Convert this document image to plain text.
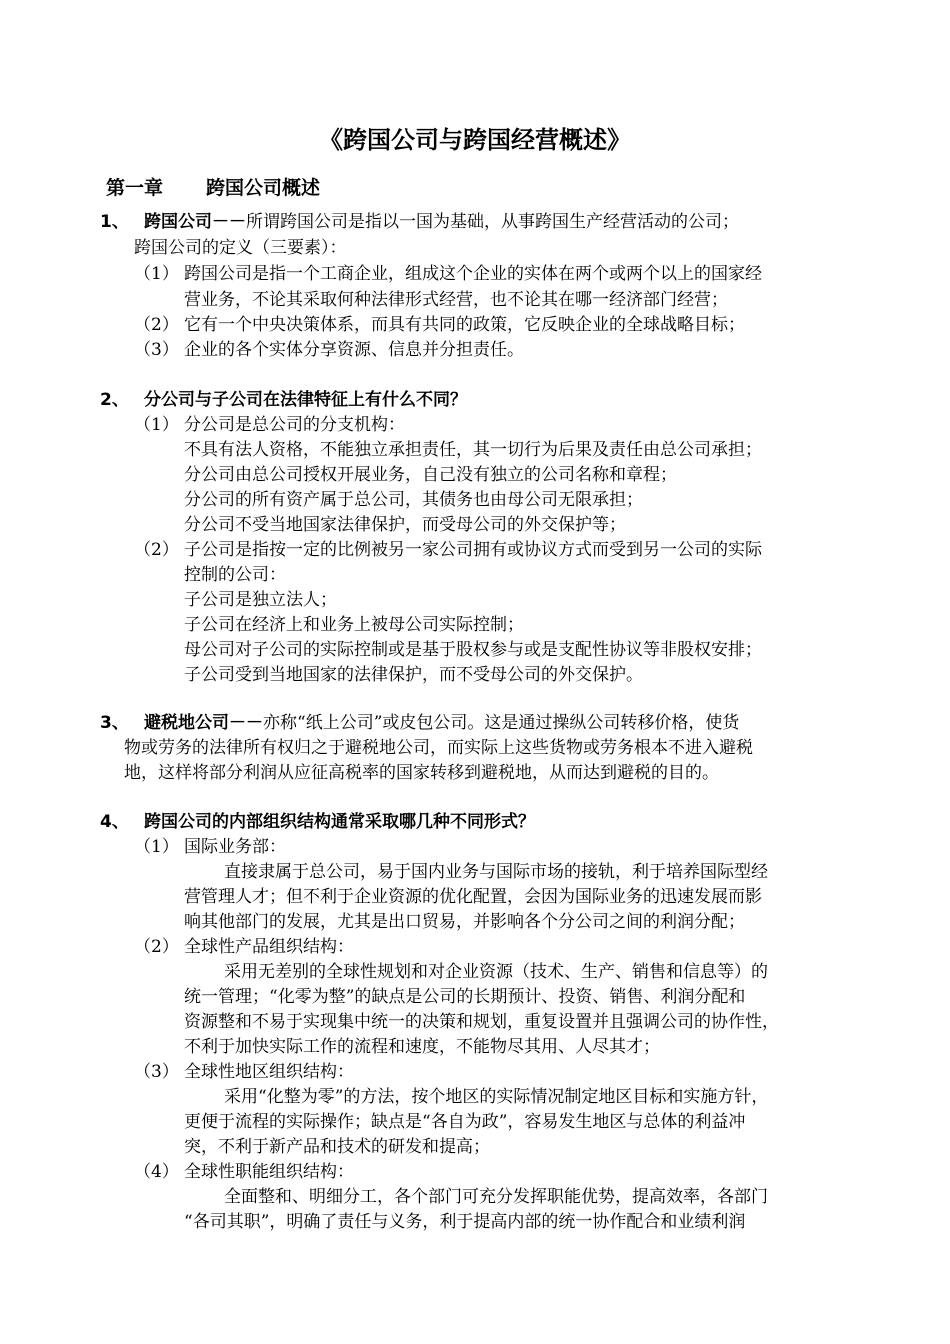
《跨国公司与跨国经营概述》
第一章	跨国公司概述
1、 跨国公司－－ 所谓跨国公司是指以一国为基础，从事跨国生产经营活动的公司；
跨国公司的定义（三要素）：
（1） 跨国公司是指一个工商企业，组成这个企业的实体在两个或两个以上的国家经
营业务，不论其采取何种法律形式经营，也不论其在哪一经济部门经营；
（2） 它有一个中央决策体系，而具有共同的政策，它反映企业的全球战略目标；
（3） 企业的各个实体分享资源、信息并分担责任。
2、 分公司与子公司在法律特征上有什么不同？
（1） 分公司是总公司的分支机构：
不具有法人资格，不能独立承担责任，其一切行为后果及责任由总公司承担；
分公司由总公司授权开展业务，自己没有独立的公司名称和章程；
分公司的所有资产属于总公司，其债务也由母公司无限承担；
分公司不受当地国家法律保护，而受母公司的外交保护等；
（2） 子公司是指按一定的比例被另一家公司拥有或协议方式而受到另一公司的实际
控制的公司：
子公司是独立法人；
子公司在经济上和业务上被母公司实际控制；
母公司对子公司的实际控制或是基于股权参与或是支配性协议等非股权安排；
子公司受到当地国家的法律保护，而不受母公司的外交保护。
3、 避税地公司－－ 亦称“纸上公司”或皮包公司。这是通过操纵公司转移价格，使货
物或劳务的法律所有权归之于避税地公司，而实际上这些货物或劳务根本不进入避税
地，这样将部分利润从应征高税率的国家转移到避税地，从而达到避税的目的。
4、 跨国公司的内部组织结构通常采取哪几种不同形式？
（1） 国际业务部：
直接隶属于总公司，易于国内业务与国际市场的接轨，利于培养国际型经
营管理人才；但不利于企业资源的优化配置，会因为国际业务的迅速发展而影
响其他部门的发展，尤其是出口贸易，并影响各个分公司之间的利润分配；
（2） 全球性产品组织结构：
采用无差别的全球性规划和对企业资源（技术、生产、销售和信息等）的
统一管理；“化零为整”的缺点是公司的长期预计、投资、销售、利润分配和
资源整和不易于实现集中统一的决策和规划，重复设置并且强调公司的协作性，
不利于加快实际工作的流程和速度，不能物尽其用、人尽其才；
（3） 全球性地区组织结构：
采用“化整为零”的方法，按个地区的实际情况制定地区目标和实施方针，
更便于流程的实际操作；缺点是“各自为政”，容易发生地区与总体的利益冲
突，不利于新产品和技术的研发和提高；
（4） 全球性职能组织结构：
全面整和、明细分工，各个部门可充分发挥职能优势，提高效率，各部门
“各司其职”，明确了责任与义务，利于提高内部的统一协作配合和业绩利润
